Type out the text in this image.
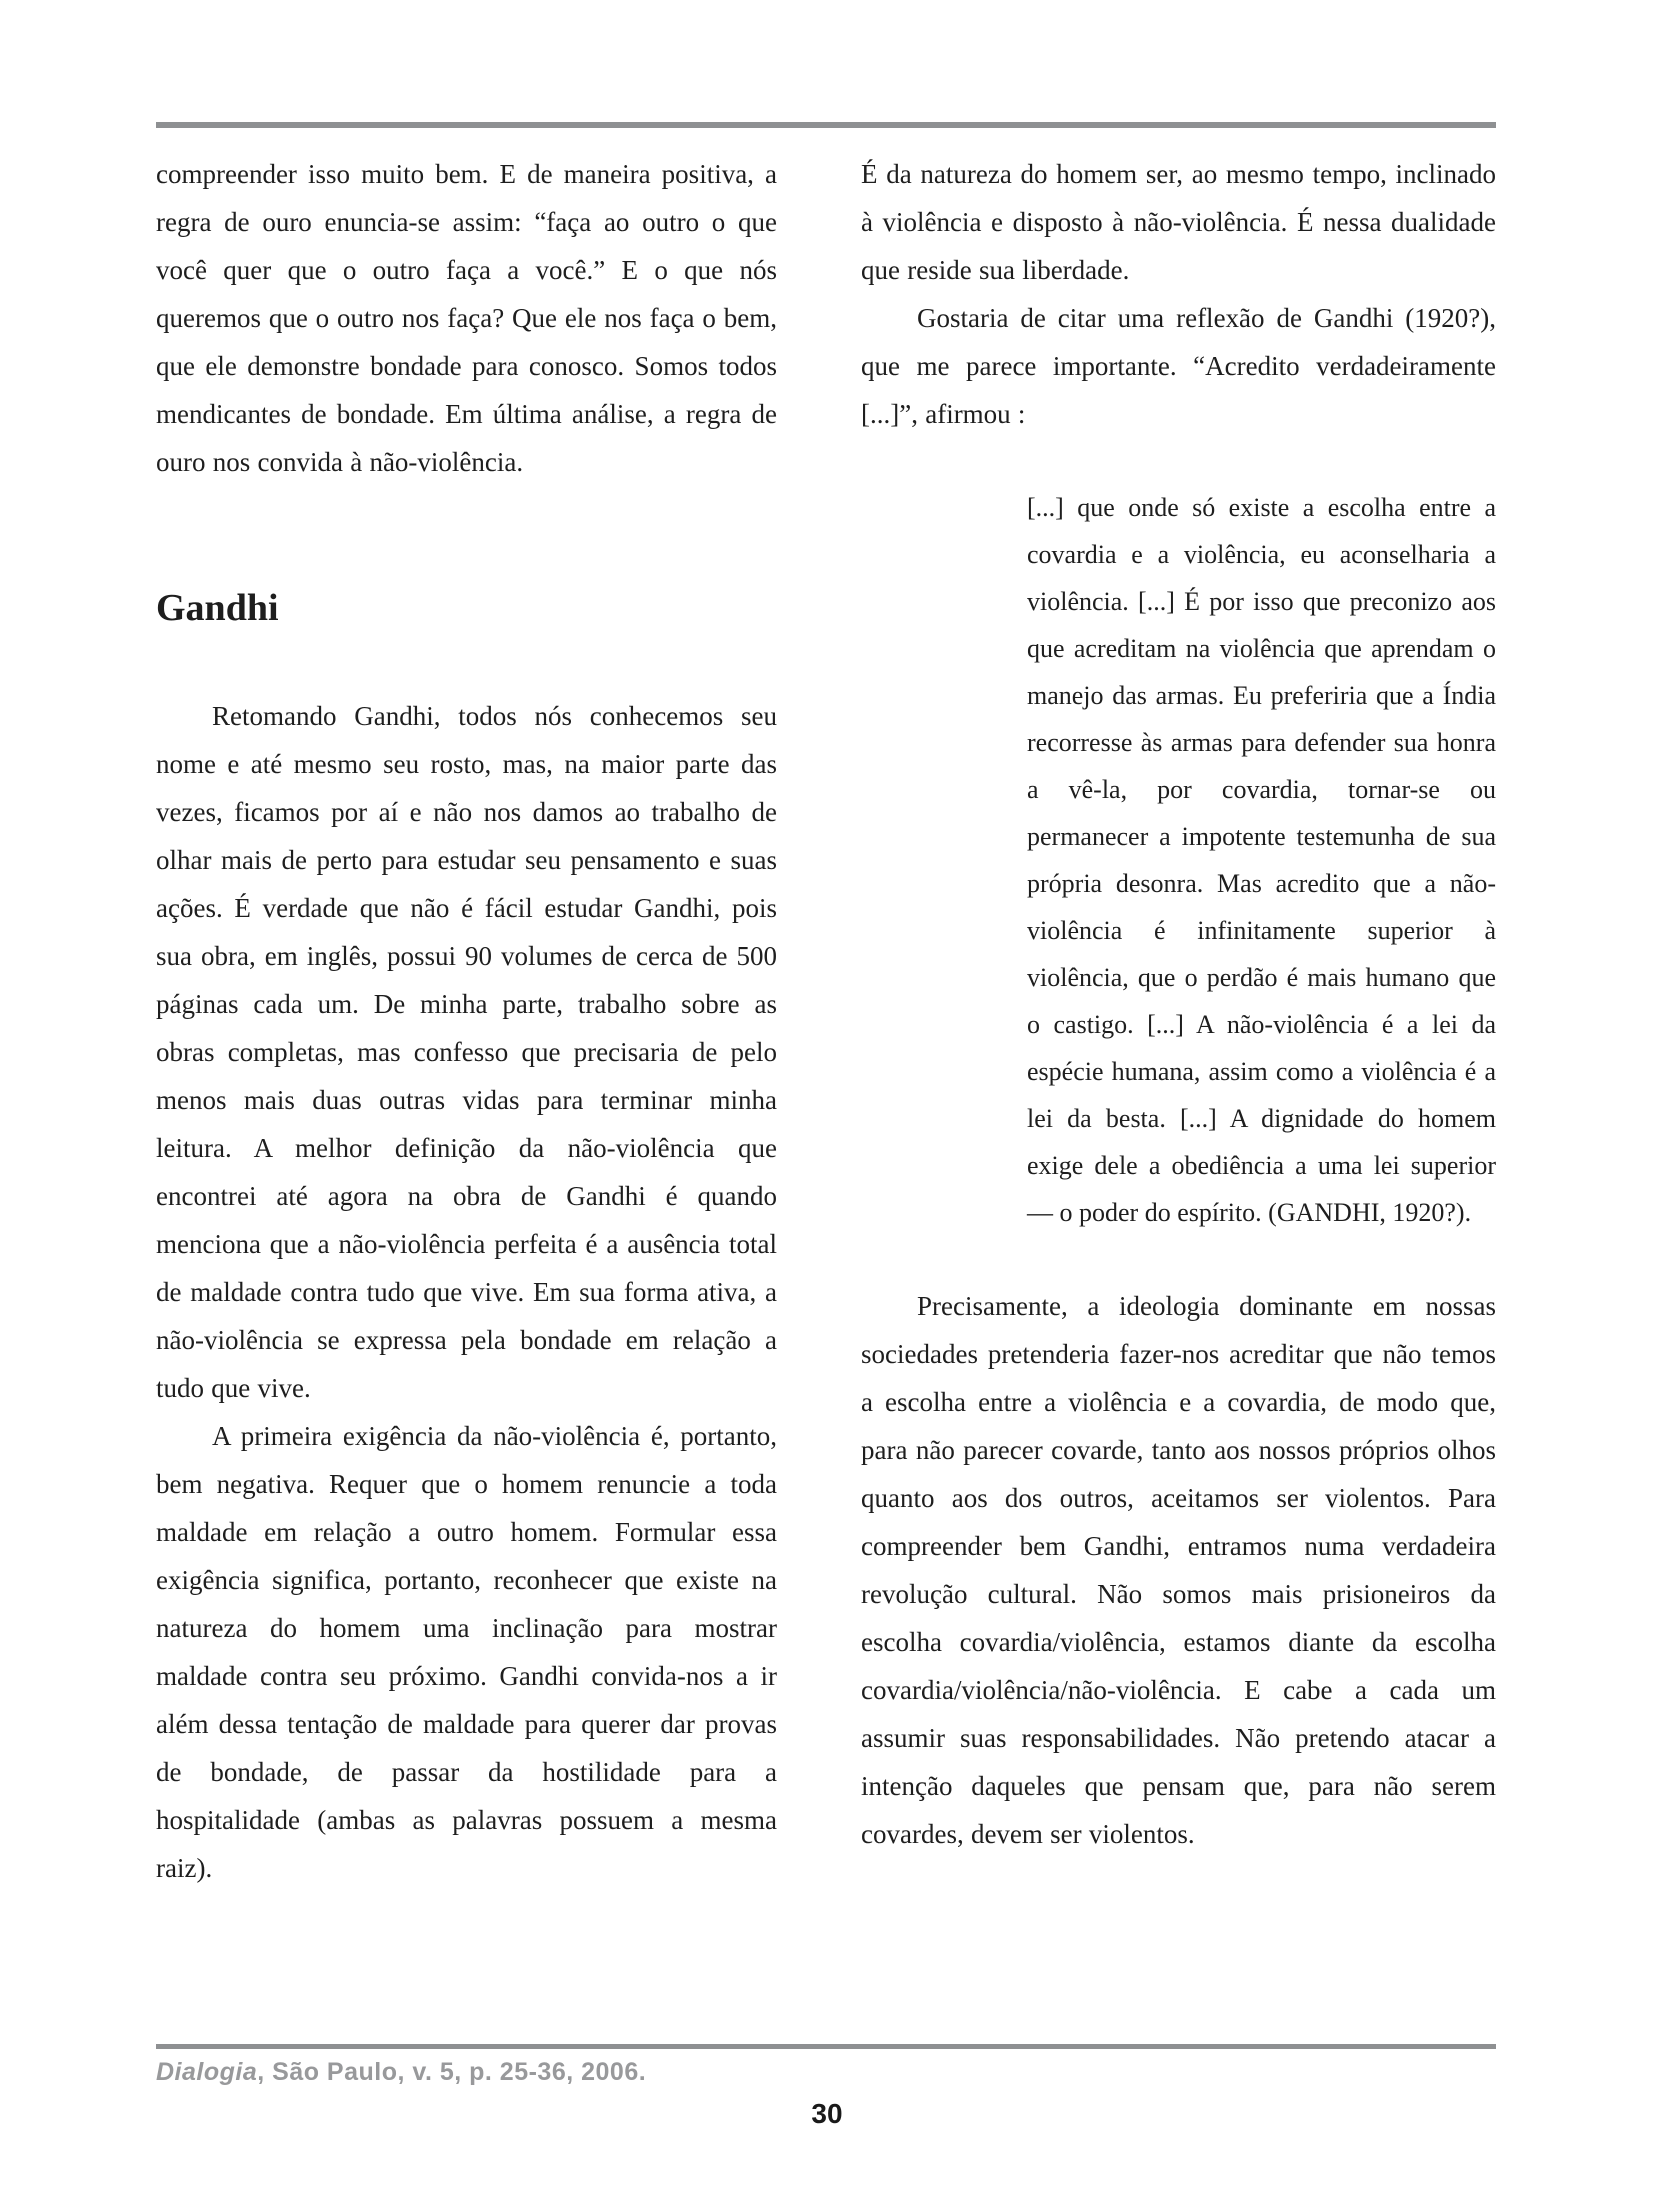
compreender isso muito bem. E de maneira positiva, a regra de ouro enuncia-se assim: “faça ao outro o que você quer que o outro faça a você.” E o que nós queremos que o outro nos faça? Que ele nos faça o bem, que ele demonstre bondade para conosco. Somos todos mendicantes de bondade. Em última análise, a regra de ouro nos convida à não-violência.

Gandhi

Retomando Gandhi, todos nós conhecemos seu nome e até mesmo seu rosto, mas, na maior parte das vezes, ficamos por aí e não nos damos ao trabalho de olhar mais de perto para estudar seu pensamento e suas ações. É verdade que não é fácil estudar Gandhi, pois sua obra, em inglês, possui 90 volumes de cerca de 500 páginas cada um. De minha parte, trabalho sobre as obras completas, mas confesso que precisaria de pelo menos mais duas outras vidas para terminar minha leitura. A melhor definição da não-violência que encontrei até agora na obra de Gandhi é quando menciona que a não-violência perfeita é a ausência total de maldade contra tudo que vive. Em sua forma ativa, a não-violência se expressa pela bondade em relação a tudo que vive.

A primeira exigência da não-violência é, portanto, bem negativa. Requer que o homem renuncie a toda maldade em relação a outro homem. Formular essa exigência significa, portanto, reconhecer que existe na natureza do homem uma inclinação para mostrar maldade contra seu próximo. Gandhi convida-nos a ir além dessa tentação de maldade para querer dar provas de bondade, de passar da hostilidade para a hospitalidade (ambas as palavras possuem a mesma raiz).

É da natureza do homem ser, ao mesmo tempo, inclinado à violência e disposto à não-violência. É nessa dualidade que reside sua liberdade.

Gostaria de citar uma reflexão de Gandhi (1920?), que me parece importante. “Acredito verdadeiramente [...]”, afirmou :

[...] que onde só existe a escolha entre a covardia e a violência, eu aconselharia a violência. [...] É por isso que preconizo aos que acreditam na violência que aprendam o manejo das armas. Eu preferiria que a Índia recorresse às armas para defender sua honra a vê-la, por covardia, tornar-se ou permanecer a impotente testemunha de sua própria desonra. Mas acredito que a não-violência é infinitamente superior à violência, que o perdão é mais humano que o castigo. [...] A não-violência é a lei da espécie humana, assim como a violência é a lei da besta. [...] A dignidade do homem exige dele a obediência a uma lei superior — o poder do espírito. (GANDHI, 1920?).

Precisamente, a ideologia dominante em nossas sociedades pretenderia fazer-nos acreditar que não temos a escolha entre a violência e a covardia, de modo que, para não parecer covarde, tanto aos nossos próprios olhos quanto aos dos outros, aceitamos ser violentos. Para compreender bem Gandhi, entramos numa verdadeira revolução cultural. Não somos mais prisioneiros da escolha covardia/violência, estamos diante da escolha covardia/violência/não-violência. E cabe a cada um assumir suas responsabilidades. Não pretendo atacar a intenção daqueles que pensam que, para não serem covardes, devem ser violentos.

Dialogia, São Paulo, v. 5, p. 25-36, 2006.
30
